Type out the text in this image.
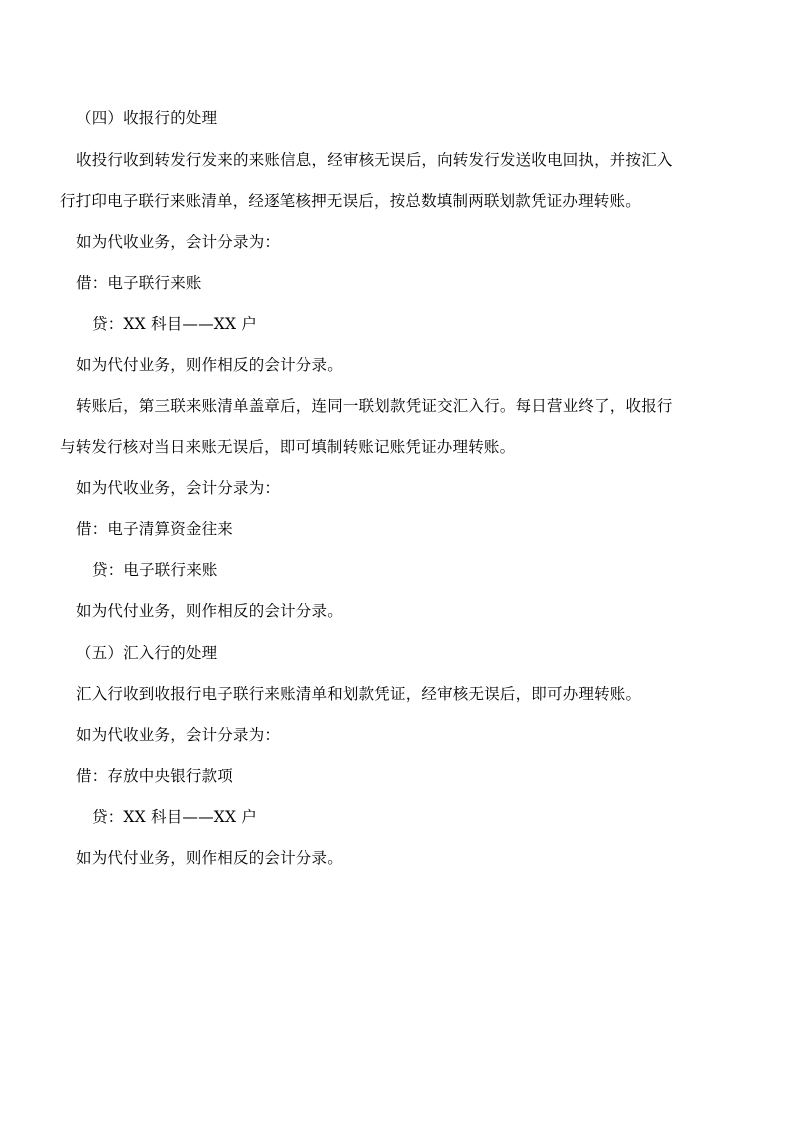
（四）收报行的处理
收投行收到转发行发来的来账信息，经审核无误后，向转发行发送收电回执，并按汇入
行打印电子联行来账清单，经逐笔核押无误后，按总数填制两联划款凭证办理转账。
如为代收业务，会计分录为：
借：电子联行来账
贷：XX 科目——XX 户
如为代付业务，则作相反的会计分录。
转账后，第三联来账清单盖章后，连同一联划款凭证交汇入行。每日营业终了，收报行
与转发行核对当日来账无误后，即可填制转账记账凭证办理转账。
如为代收业务，会计分录为：
借：电子清算资金往来
贷：电子联行来账
如为代付业务，则作相反的会计分录。
（五）汇入行的处理
汇入行收到收报行电子联行来账清单和划款凭证，经审核无误后，即可办理转账。
如为代收业务，会计分录为：
借：存放中央银行款项
贷：XX 科目——XX 户
如为代付业务，则作相反的会计分录。
